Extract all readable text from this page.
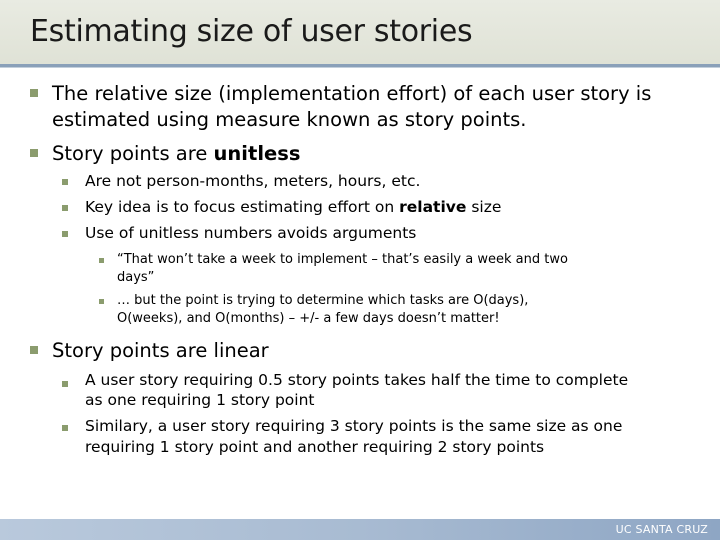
Estimating size of user stories
The relative size (implementation effort) of each user story is
estimated using measure known as story points.
Story points are unitless
Are not person-months, meters, hours, etc.
Key idea is to focus estimating effort on relative size
Use of unitless numbers avoids arguments
“That won’t take a week to implement – that’s easily a week and two
days”
… but the point is trying to determine which tasks are O(days),
O(weeks), and O(months) – +/- a few days doesn’t matter!
Story points are linear
A user story requiring 0.5 story points takes half the time to complete
as one requiring 1 story point
Similary, a user story requiring 3 story points is the same size as one
requiring 1 story point and another requiring 2 story points
UC SANTA CRUZ
